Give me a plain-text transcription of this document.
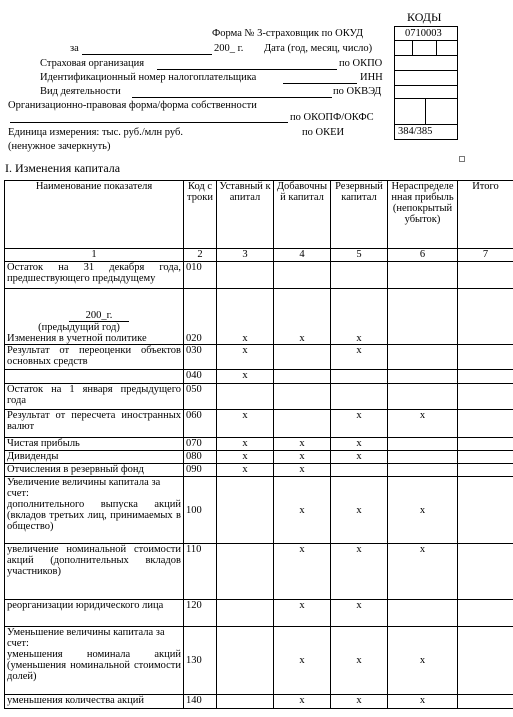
КОДЫ
0710003
384/385
Форма № 3-страховщик по ОКУД
за	200_ г. Дата (год, месяц, число)
Страховая организация	по ОКПО
Идентификационный номер налогоплательщика	ИНН
Вид деятельности	по ОКВЭД
Организационно-правовая форма/форма собственности
по ОКОПФ/ОКФС
Единица измерения: тыс. руб./млн руб.	по ОКЕИ
(ненужное зачеркнуть)
I. Изменения капитала
Наименование показателя	Код строки	Уставный капитал	Добавочный капитал	Резервный капитал	Нераспределенная прибыль (непокрытый убыток)	Итого
1	2	3	4	5	6	7
Остаток на 31 декабря года, предшествующего предыдущему	010					

200_г.
(предыдущий год)
Изменения в учетной политике	020	x	x	x		
Результат от переоценки объектов основных средств	030	x		x		
	040	x				
Остаток на 1 января предыдущего года	050					
Результат от пересчета иностранных валют	060	x		x	x	
Чистая прибыль	070	x	x	x		
Дивиденды	080	x	x	x		
Отчисления в резервный фонд	090	x	x			

Увеличение величины капитала за счет:
дополнительного выпуска акций (вкладов третьих лиц, принимаемых в общество)	100		x	x	x	
увеличение номинальной стоимости акций (дополнительных вкладов участников)	110		x	x	x	
реорганизации юридического лица	120		x	x		

Уменьшение величины капитала за счет:
уменьшения номинала акций (уменьшения номинальной стоимости долей)	130		x	x	x	
уменьшения количества акций	140		x	x	x	
